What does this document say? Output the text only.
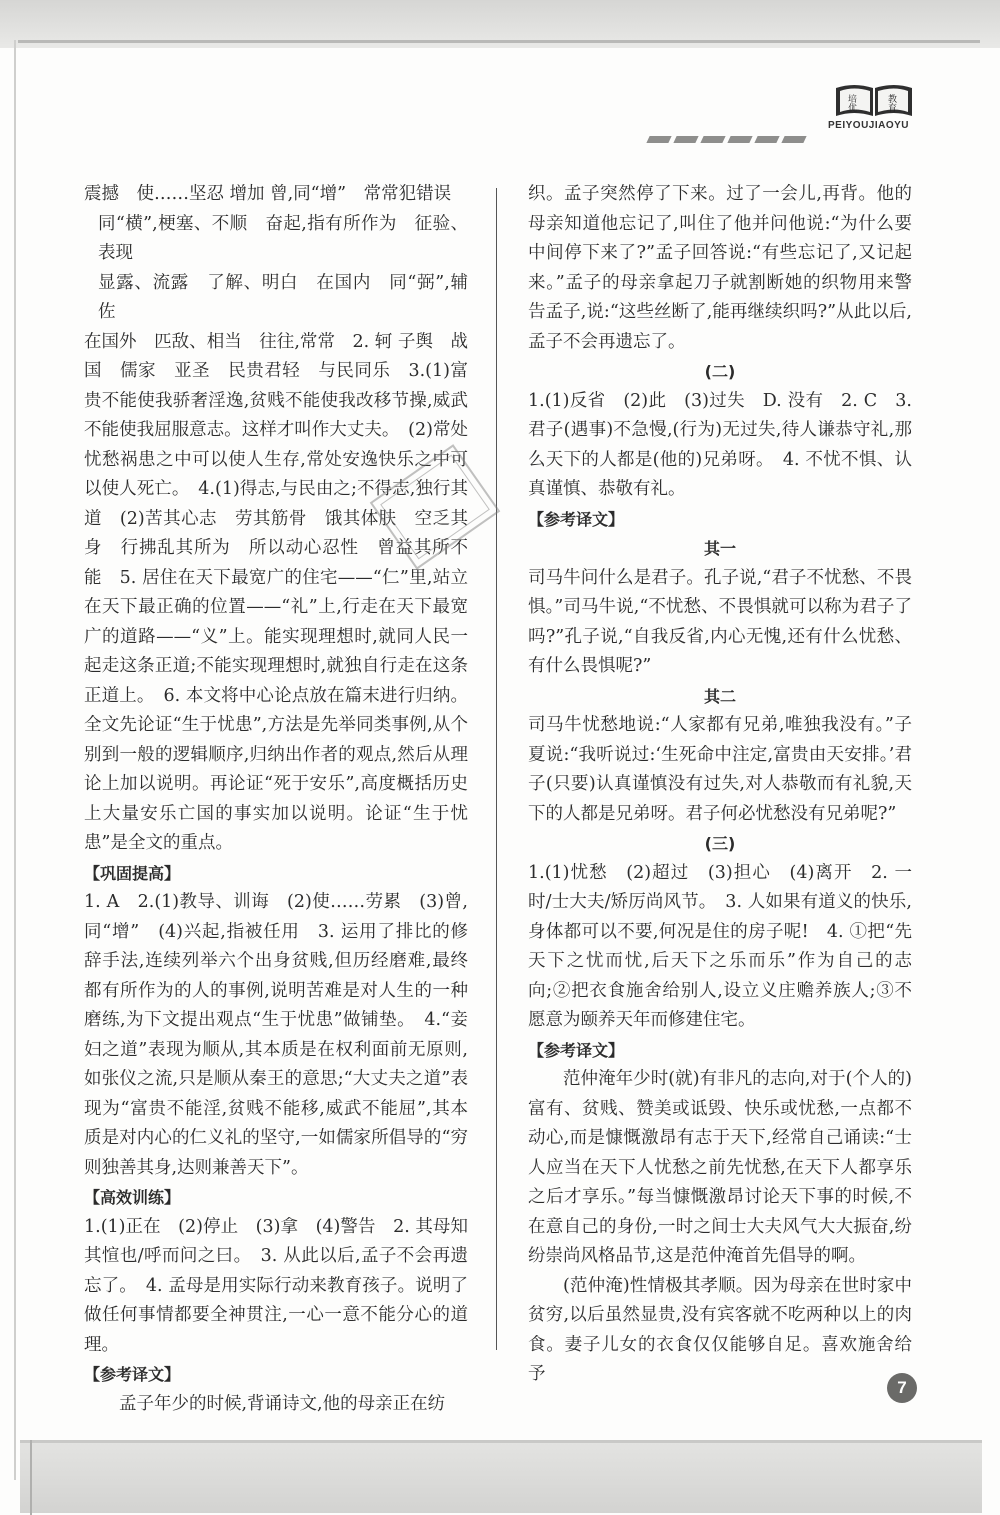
培
优
教
育
PEIYOUJIAOYU

震撼　使……坚忍 增加 曾,同“增”　常常犯错误

同“横”,梗塞、不顺　奋起,指有所作为　征验、表现

显露、流露　了解、明白　在国内　同“弼”,辅佐

在国外　匹敌、相当　往往,常常　2. 轲 子舆　战国　儒家　亚圣　民贵君轻　与民同乐　3.(1)富贵不能使我骄奢淫逸,贫贱不能使我改移节操,威武不能使我屈服意志。这样才叫作大丈夫。　(2)常处忧愁祸患之中可以使人生存,常处安逸快乐之中可以使人死亡。　4.(1)得志,与民由之;不得志,独行其道　(2)苦其心志　劳其筋骨　饿其体肤　空乏其身　行拂乱其所为　所以动心忍性　曾益其所不能　5. 居住在天下最宽广的住宅——“仁”里,站立在天下最正确的位置——“礼”上,行走在天下最宽广的道路——“义”上。能实现理想时,就同人民一起走这条正道;不能实现理想时,就独自行走在这条正道上。　6. 本文将中心论点放在篇末进行归纳。全文先论证“生于忧患”,方法是先举同类事例,从个别到一般的逻辑顺序,归纳出作者的观点,然后从理论上加以说明。再论证“死于安乐”,高度概括历史上大量安乐亡国的事实加以说明。论证“生于忧患”是全文的重点。

【巩固提高】

1. A　2.(1)教导、训诲　(2)使……劳累　(3)曾,同“增”　(4)兴起,指被任用　3. 运用了排比的修辞手法,连续列举六个出身贫贱,但历经磨难,最终都有所作为的人的事例,说明苦难是对人生的一种磨练,为下文提出观点“生于忧患”做铺垫。　4.“妾妇之道”表现为顺从,其本质是在权利面前无原则,如张仪之流,只是顺从秦王的意思;“大丈夫之道”表现为“富贵不能淫,贫贱不能移,威武不能屈”,其本质是对内心的仁义礼的坚守,一如儒家所倡导的“穷则独善其身,达则兼善天下”。

【高效训练】

1.(1)正在　(2)停止　(3)拿　(4)警告　2. 其母知其愃也/呼而问之曰。　3. 从此以后,孟子不会再遗忘了。　4. 孟母是用实际行动来教育孩子。说明了做任何事情都要全神贯注,一心一意不能分心的道理。

【参考译文】

孟子年少的时候,背诵诗文,他的母亲正在纺

织。孟子突然停了下来。过了一会儿,再背。他的母亲知道他忘记了,叫住了他并问他说:“为什么要中间停下来了?”孟子回答说:“有些忘记了,又记起来。”孟子的母亲拿起刀子就割断她的织物用来警告孟子,说:“这些丝断了,能再继续织吗?”从此以后,孟子不会再遗忘了。

(二)

1.(1)反省　(2)此　(3)过失　D. 没有　2. C　3. 君子(遇事)不急慢,(行为)无过失,待人谦恭守礼,那么天下的人都是(他的)兄弟呀。　4. 不忧不惧、认真谨慎、恭敬有礼。

【参考译文】

其一

司马牛问什么是君子。孔子说,“君子不忧愁、不畏惧。”司马牛说,“不忧愁、不畏惧就可以称为君子了吗?”孔子说,“自我反省,内心无愧,还有什么忧愁、有什么畏惧呢?”

其二

司马牛忧愁地说:“人家都有兄弟,唯独我没有。”子夏说:“我听说过:‘生死命中注定,富贵由天安排。’君子(只要)认真谨慎没有过失,对人恭敬而有礼貌,天下的人都是兄弟呀。君子何必忧愁没有兄弟呢?”

(三)

1.(1)忧愁　(2)超过　(3)担心　(4)离开　2. 一时/士大夫/矫厉尚风节。　3. 人如果有道义的快乐,身体都可以不要,何况是住的房子呢!　4. ①把“先天下之忧而忧,后天下之乐而乐”作为自己的志向;②把衣食施舍给别人,设立义庄赡养族人;③不愿意为颐养天年而修建住宅。

【参考译文】

范仲淹年少时(就)有非凡的志向,对于(个人的)富有、贫贱、赞美或诋毁、快乐或忧愁,一点都不动心,而是慷慨激昂有志于天下,经常自己诵读:“士人应当在天下人忧愁之前先忧愁,在天下人都享乐之后才享乐。”每当慷慨激昂讨论天下事的时候,不在意自己的身份,一时之间士大夫风气大大振奋,纷纷崇尚风格品节,这是范仲淹首先倡导的啊。

(范仲淹)性情极其孝顺。因为母亲在世时家中贫穷,以后虽然显贵,没有宾客就不吃两种以上的肉食。妻子儿女的衣食仅仅能够自足。喜欢施舍给予

7
